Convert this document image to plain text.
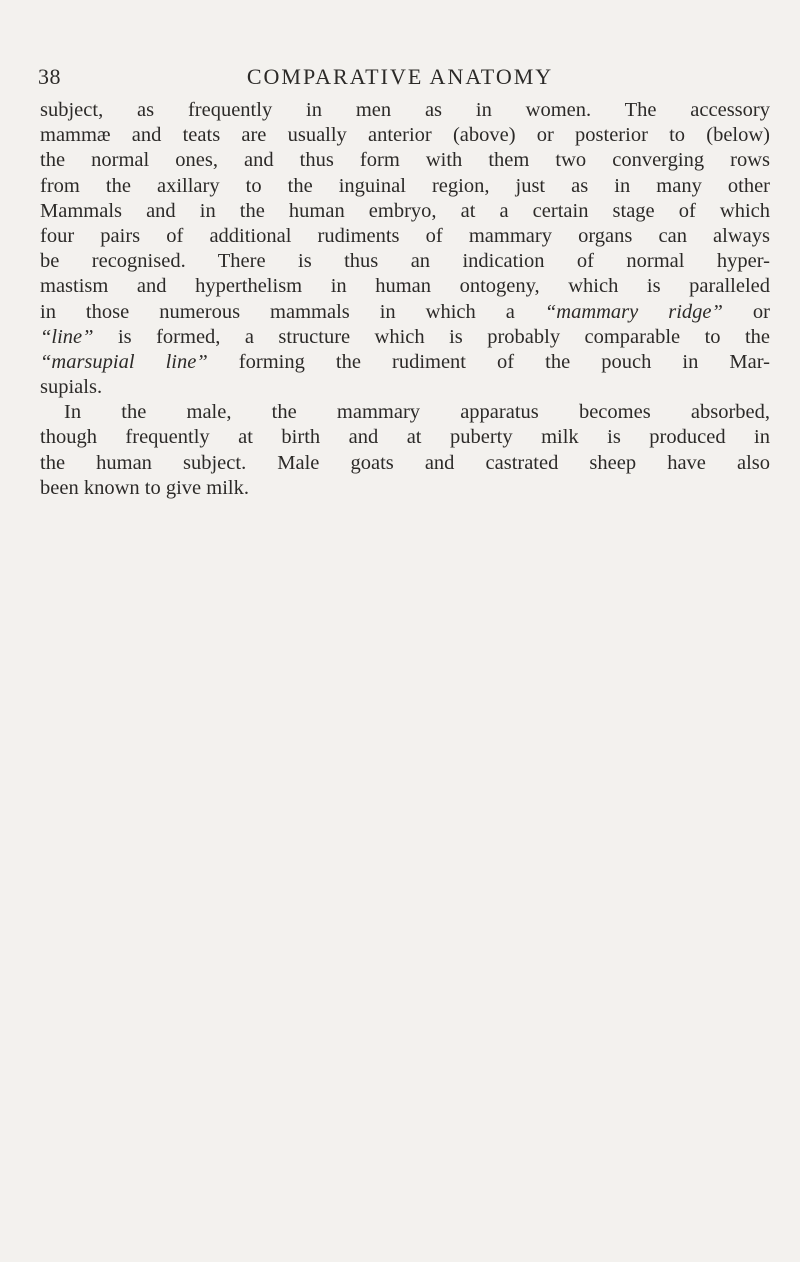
38	COMPARATIVE ANATOMY
subject, as frequently in men as in women. The accessory
mammæ and teats are usually anterior (above) or posterior to (below)
the normal ones, and thus form with them two converging rows
from the axillary to the inguinal region, just as in many other
Mammals and in the human embryo, at a certain stage of which
four pairs of additional rudiments of mammary organs can always
be recognised. There is thus an indication of normal hyper-
mastism and hyperthelism in human ontogeny, which is paralleled
in those numerous mammals in which a “mammary ridge” or
“line” is formed, a structure which is probably comparable to the
“marsupial line” forming the rudiment of the pouch in Mar-
supials.
In the male, the mammary apparatus becomes absorbed,
though frequently at birth and at puberty milk is produced in
the human subject. Male goats and castrated sheep have also
been known to give milk.
